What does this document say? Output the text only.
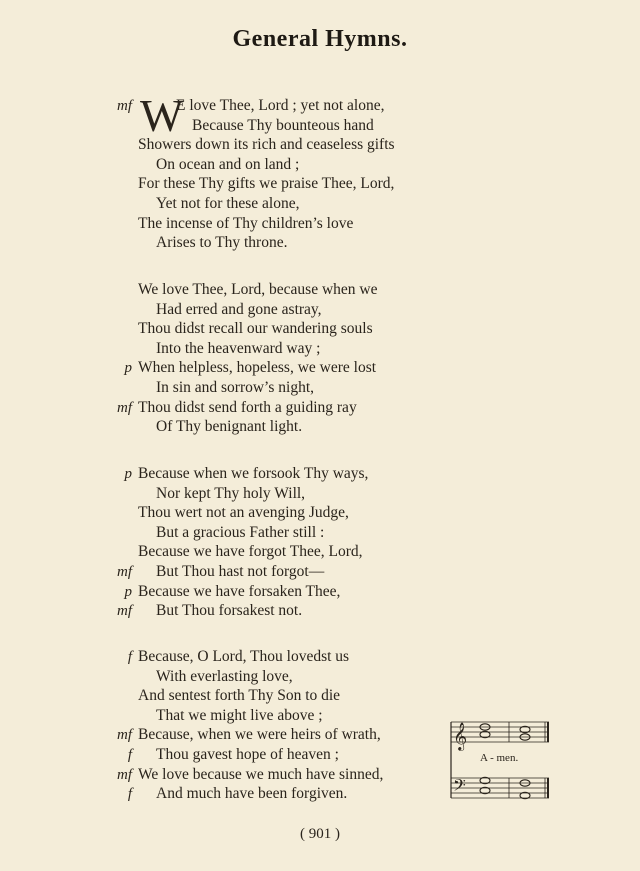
General Hymns.
W
mf	E love Thee, Lord ; yet not alone,
Because Thy bounteous hand
Showers down its rich and ceaseless gifts
On ocean and on land ;
For these Thy gifts we praise Thee, Lord,
Yet not for these alone,
The incense of Thy children’s love
Arises to Thy throne.
We love Thee, Lord, because when we
Had erred and gone astray,
Thou didst recall our wandering souls
Into the heavenward way ;
p When helpless, hopeless, we were lost
In sin and sorrow’s night,
mf Thou didst send forth a guiding ray
Of Thy benignant light.
p Because when we forsook Thy ways,
Nor kept Thy holy Will,
Thou wert not an avenging Judge,
But a gracious Father still :
Because we have forgot Thee, Lord,
mf But Thou hast not forgot—
p Because we have forsaken Thee,
mf But Thou forsakest not.
f Because, O Lord, Thou lovedst us
With everlasting love,
And sentest forth Thy Son to die
That we might live above ;
mf Because, when we were heirs of wrath,
f Thou gavest hope of heaven ;
mf We love because we much have sinned,
f And much have been forgiven.
𝄞
𝄢
A - men.
( 901 )
